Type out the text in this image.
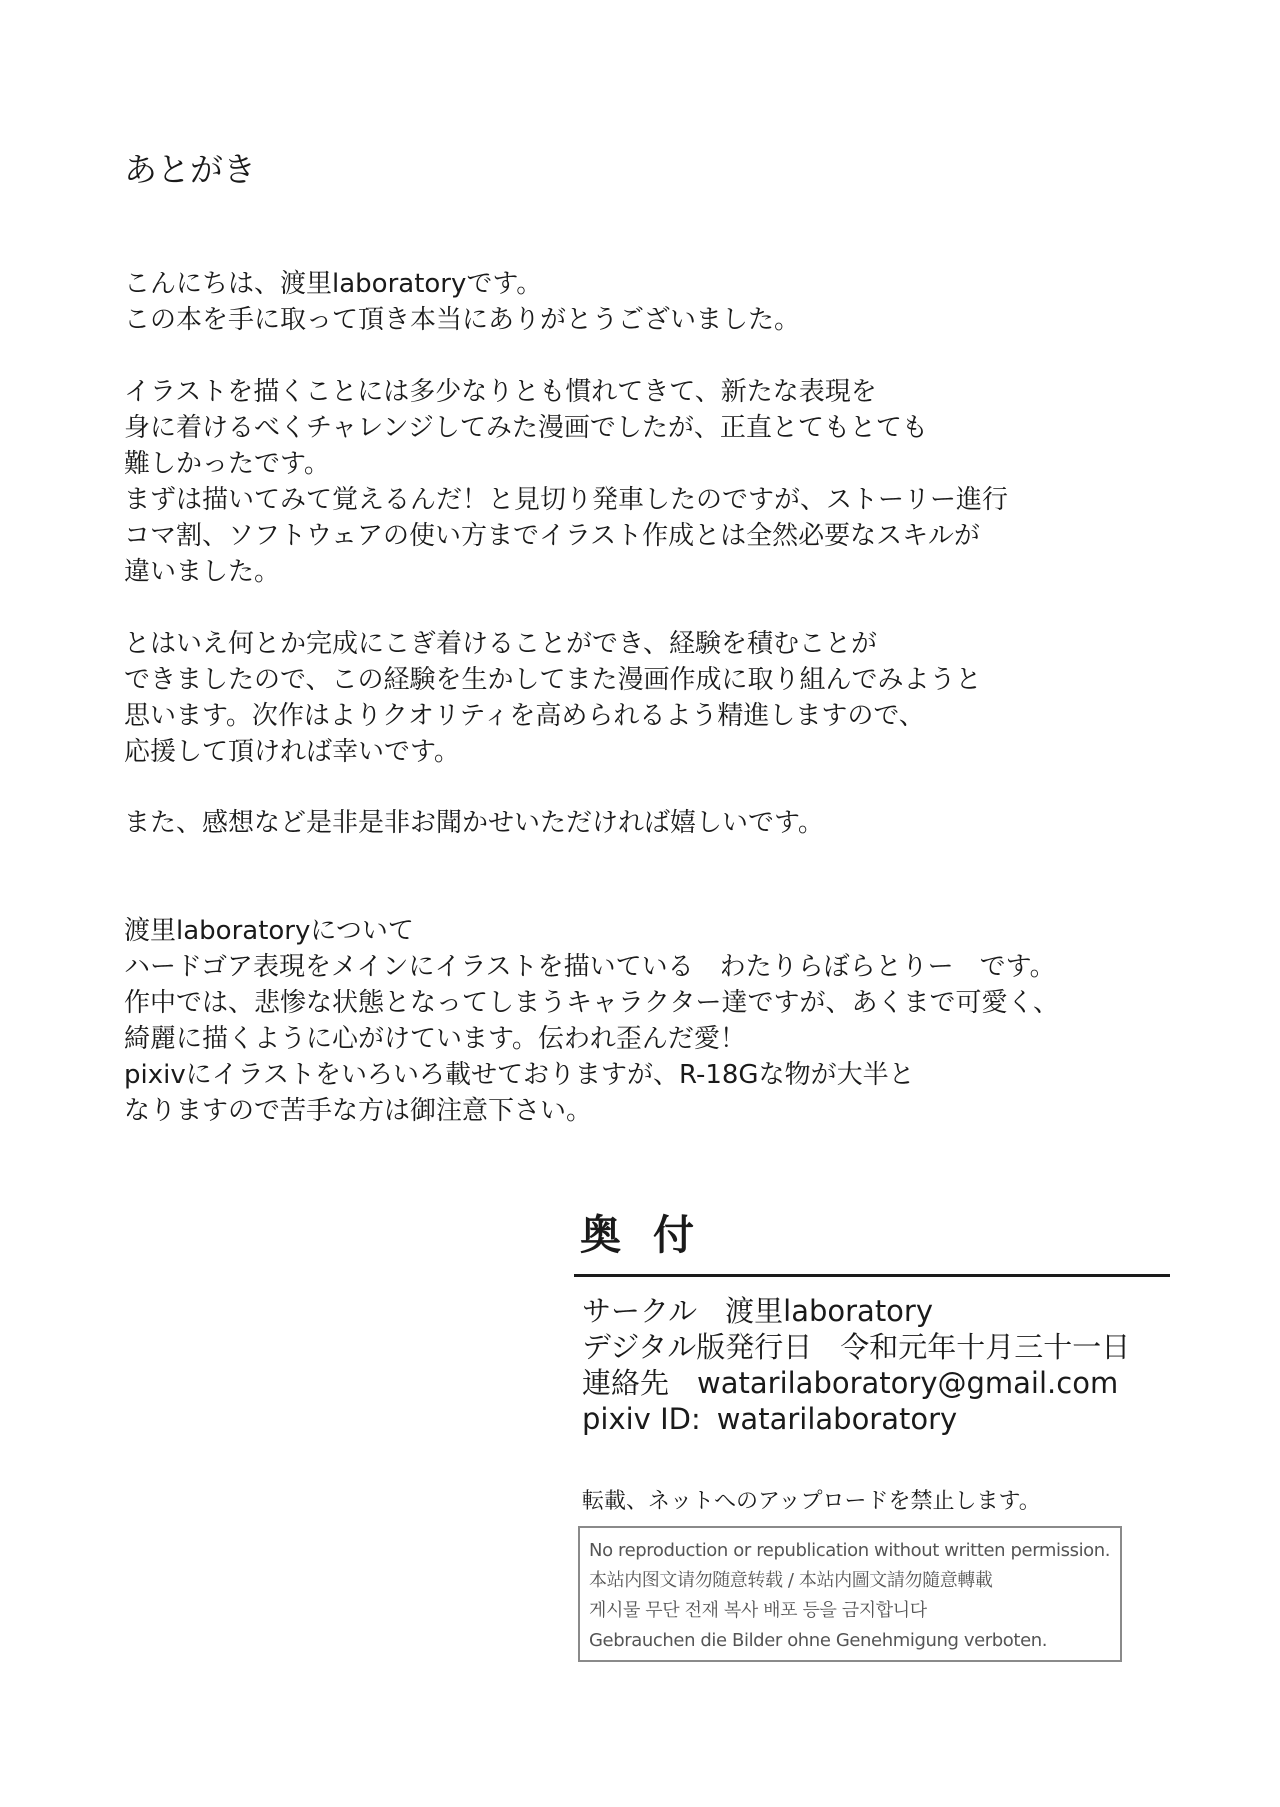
あとがき
こんにちは、渡里laboratoryです。
この本を手に取って頂き本当にありがとうございました。
イラストを描くことには多少なりとも慣れてきて、新たな表現を
身に着けるべくチャレンジしてみた漫画でしたが、正直とてもとても
難しかったです。
まずは描いてみて覚えるんだ！と見切り発車したのですが、ストーリー進行
コマ割、ソフトウェアの使い方までイラスト作成とは全然必要なスキルが
違いました。
とはいえ何とか完成にこぎ着けることができ、経験を積むことが
できましたので、この経験を生かしてまた漫画作成に取り組んでみようと
思います。次作はよりクオリティを高められるよう精進しますので、
応援して頂ければ幸いです。
また、感想など是非是非お聞かせいただければ嬉しいです。
渡里laboratoryについて
ハードゴア表現をメインにイラストを描いている　わたりらぼらとりー　です。
作中では、悲惨な状態となってしまうキャラクター達ですが、あくまで可愛く、
綺麗に描くように心がけています。伝われ歪んだ愛！
pixivにイラストをいろいろ載せておりますが、R-18Gな物が大半と
なりますので苦手な方は御注意下さい。
奥付
サークル 渡里laboratory
デジタル版発行日 令和元年十月三十一日
連絡先 watarilaboratory@gmail.com
pixiv ID: watarilaboratory
転載、ネットへのアップロードを禁止します。
No reproduction or republication without written permission.
本站内图文请勿随意转载 / 本站内圖文請勿隨意轉載
게시물 무단 전재 복사 배포 등을 금지합니다
Gebrauchen die Bilder ohne Genehmigung verboten.
